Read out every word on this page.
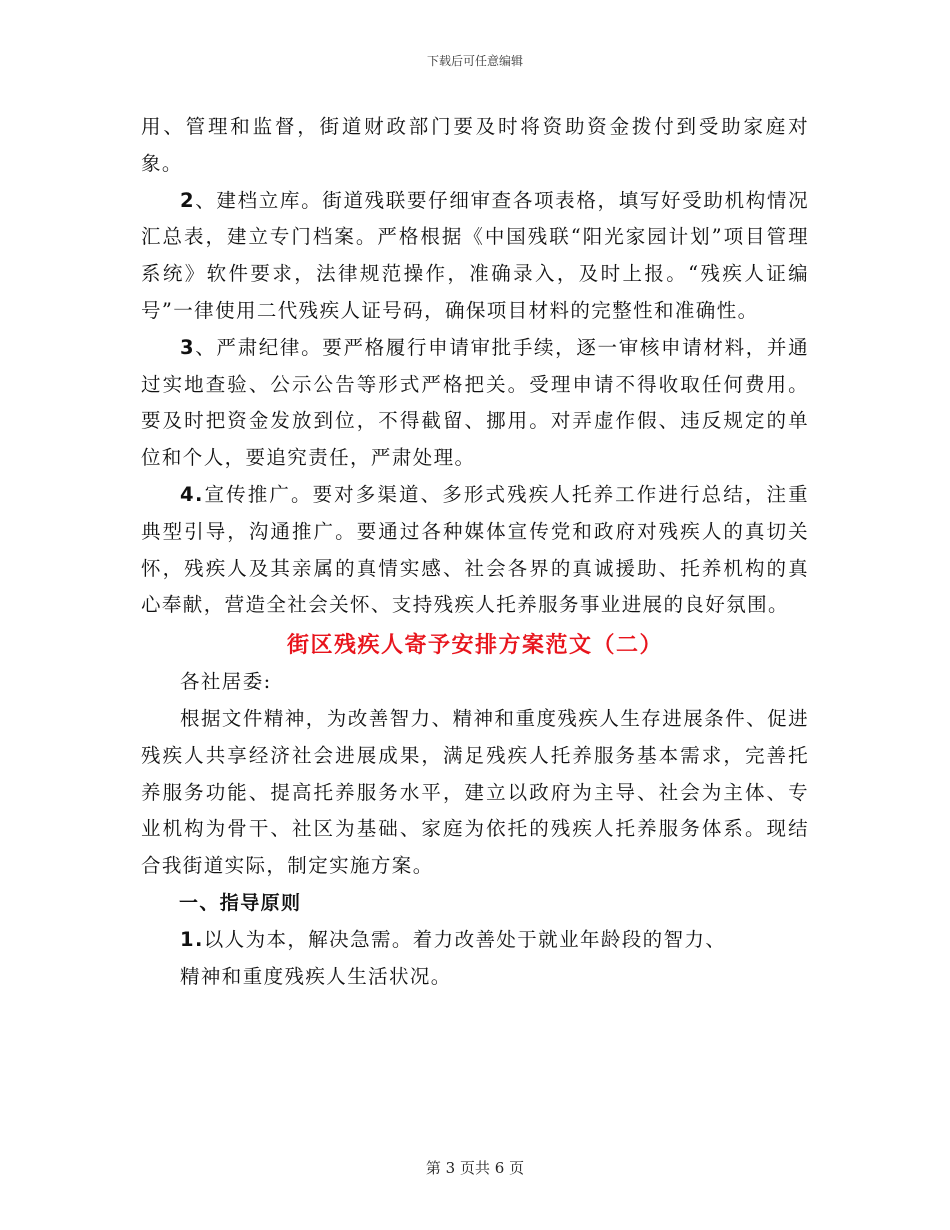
下载后可任意编辑

用、管理和监督，街道财政部门要及时将资助资金拨付到受助家庭对象。

2、建档立库。街道残联要仔细审查各项表格，填写好受助机构情况汇总表，建立专门档案。严格根据《中国残联“阳光家园计划”项目管理系统》软件要求，法律规范操作，准确录入，及时上报。“残疾人证编号”一律使用二代残疾人证号码，确保项目材料的完整性和准确性。

3、严肃纪律。要严格履行申请审批手续，逐一审核申请材料，并通过实地查验、公示公告等形式严格把关。受理申请不得收取任何费用。要及时把资金发放到位，不得截留、挪用。对弄虚作假、违反规定的单位和个人，要追究责任，严肃处理。

4.宣传推广。要对多渠道、多形式残疾人托养工作进行总结，注重典型引导，沟通推广。要通过各种媒体宣传党和政府对残疾人的真切关怀，残疾人及其亲属的真情实感、社会各界的真诚援助、托养机构的真心奉献，营造全社会关怀、支持残疾人托养服务事业进展的良好氛围。

街区残疾人寄予安排方案范文（二）

各社居委:

根据文件精神，为改善智力、精神和重度残疾人生存进展条件、促进残疾人共享经济社会进展成果，满足残疾人托养服务基本需求，完善托养服务功能、提高托养服务水平，建立以政府为主导、社会为主体、专业机构为骨干、社区为基础、家庭为依托的残疾人托养服务体系。现结合我街道实际，制定实施方案。

一、指导原则

1.以人为本，解决急需。着力改善处于就业年龄段的智力、

精神和重度残疾人生活状况。

第 3 页共 6 页
